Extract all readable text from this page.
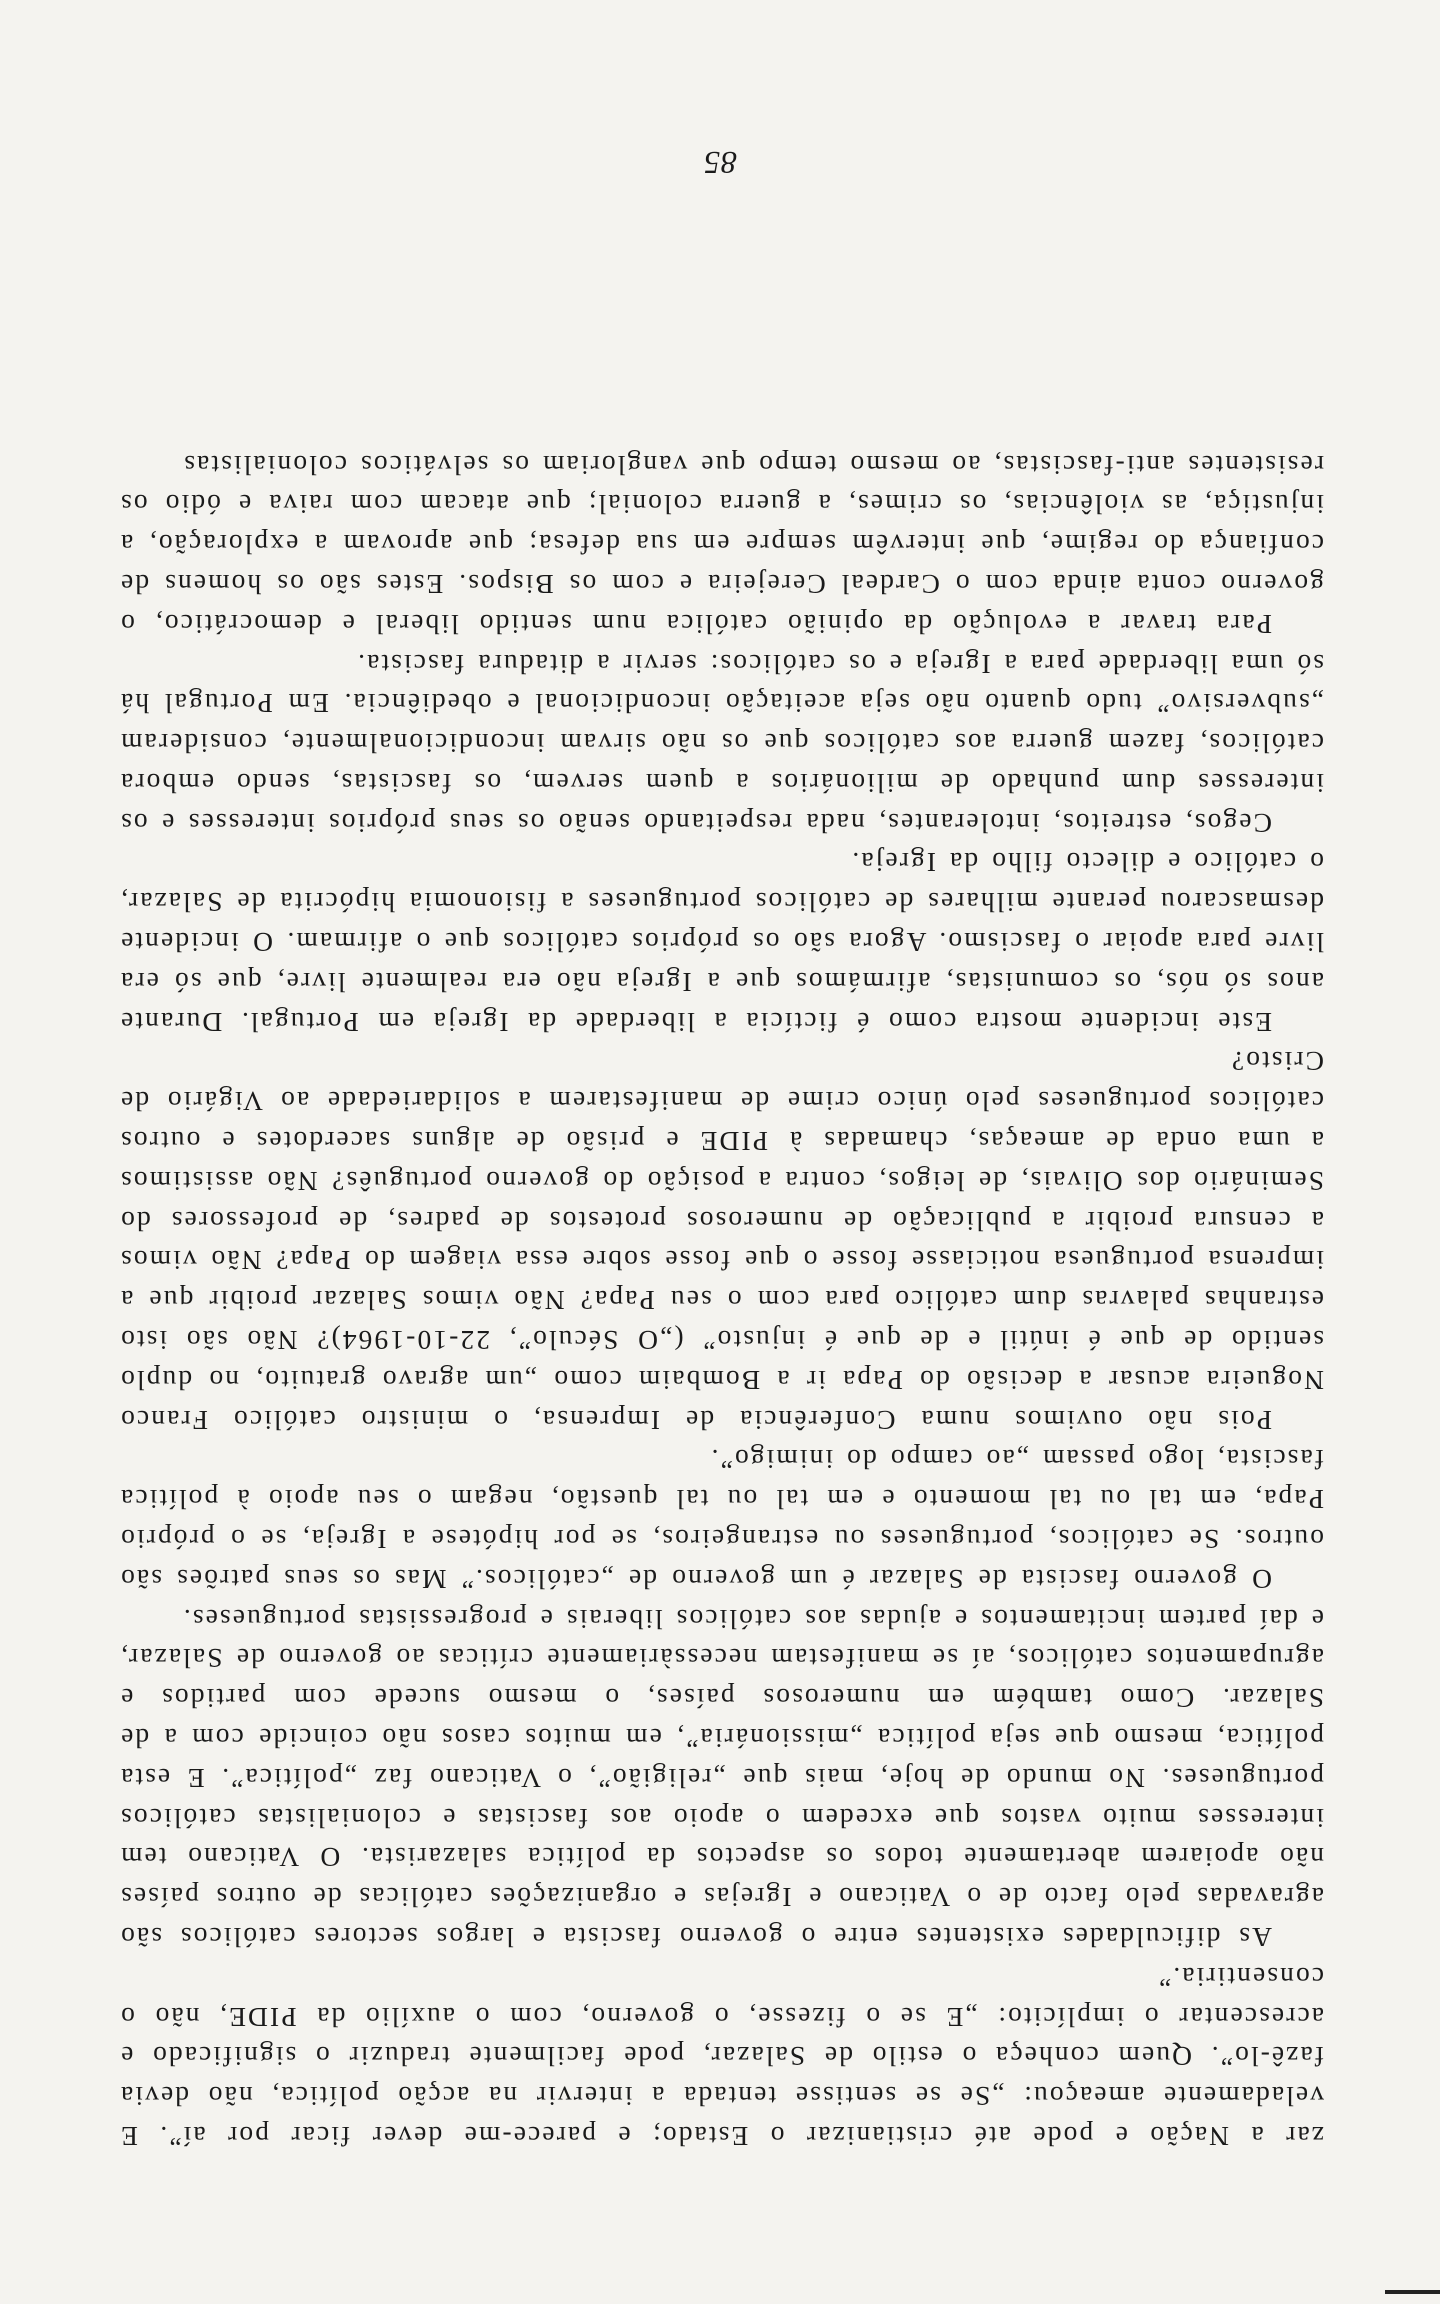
zar a Nação e pode até cristianizar o Estado; e parece-me dever ficar por aí”. E veladamente ameaçou: „Se se sentisse tentada a intervir na acção política, não devia fazê-lo”. Quem conheça o estilo de Salazar, pode facilmente traduzir o significado e acrescentar o implícito: „E se o fizesse, o governo, com o auxílio da PIDE, não o consentiria.”

As dificuldades existentes entre o governo fascista e largos sectores católicos são agravadas pelo facto de o Vaticano e Igrejas e organizações católicas de outros países não apoiarem abertamente todos os aspectos da política salazarista. O Vaticano tem interesses muito vastos que excedem o apoio aos fascistas e colonialistas católicos portugueses. No mundo de hoje, mais que „religião”, o Vaticano faz „política”. E esta política, mesmo que seja política „missionária”, em muitos casos não coincide com a de Salazar. Como também em numerosos países, o mesmo sucede com partidos e agrupamentos católicos, aí se manifestam necessàriamente críticas ao governo de Salazar, e daí partem incitamentos e ajudas aos católicos liberais e progressistas portugueses.

O governo fascista de Salazar é um governo de „católicos.” Mas os seus patrões são outros. Se católicos, portugueses ou estrangeiros, se por hipótese a Igreja, se o próprio Papa, em tal ou tal momento e em tal ou tal questão, negam o seu apoio à política fascista, logo passam „ao campo do inimigo”.

Pois não ouvimos numa Conferência de Imprensa, o ministro católico Franco Nogueira acusar a decisão do Papa ir a Bombaim como „um agravo gratuito, no duplo sentido de que é inútil e de que é injusto” („O Século”, 22-10-1964)? Não são isto estranhas palavras dum católico para com o seu Papa? Não vimos Salazar proibir que a imprensa portuguesa noticiasse fosse o que fosse sobre essa viagem do Papa? Não vimos a censura proibir a publicação de numerosos protestos de padres, de professores do Seminário dos Olivais, de leigos, contra a posição do governo português? Não assistimos a uma onda de ameaças, chamadas à PIDE e prisão de alguns sacerdotes e outros católicos portugueses pelo único crime de manifestarem a solidariedade ao Vigário de Cristo?

Este incidente mostra como é fictícia a liberdade da Igreja em Portugal. Durante anos só nós, os comunistas, afirmámos que a Igreja não era realmente livre, que só era livre para apoiar o fascismo. Agora são os próprios católicos que o afirmam. O incidente desmascarou perante milhares de católicos portugueses a fisionomia hipócrita de Salazar, o católico e dilecto filho da Igreja.

Cegos, estreitos, intolerantes, nada respeitando senão os seus próprios interesses e os interesses dum punhado de milionários a quem servem, os fascistas, sendo embora católicos, fazem guerra aos católicos que os não sirvam incondicionalmente, consideram „subversivo” tudo quanto não seja aceitação incondicional e obediência. Em Portugal há só uma liberdade para a Igreja e os católicos: servir a ditadura fascista.

Para travar a evolução da opinião católica num sentido liberal e democrático, o governo conta ainda com o Cardeal Cerejeira e com os Bispos. Estes são os homens de confiança do regime, que intervêm sempre em sua defesa; que aprovam a exploração, a injustiça, as violências, os crimes, a guerra colonial; que atacam com raiva e ódio os resistentes anti-fascistas, ao mesmo tempo que vangloriam os selváticos colonialistas

85
